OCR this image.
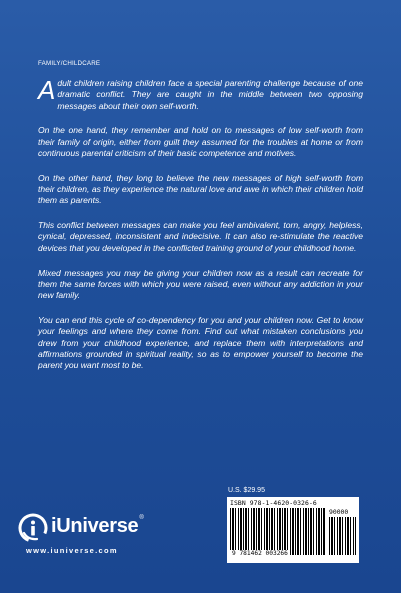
FAMILY/CHILDCARE

Adult children raising children face a special parenting challenge because of one dramatic conflict. They are caught in the middle between two opposing messages about their own self-worth.

On the one hand, they remember and hold on to messages of low self-worth from their family of origin, either from guilt they assumed for the troubles at home or from continuous parental criticism of their basic competence and motives.

On the other hand, they long to believe the new messages of high self-worth from their children, as they experience the natural love and awe in which their children hold them as parents.

This conflict between messages can make you feel ambivalent, torn, angry, helpless, cynical, depressed, inconsistent and indecisive. It can also re-stimulate the reactive devices that you developed in the conflicted training ground of your childhood home.

Mixed messages you may be giving your children now as a result can recreate for them the same forces with which you were raised, even without any addiction in your new family.

You can end this cycle of co-dependency for you and your children now. Get to know your feelings and where they come from. Find out what mistaken conclusions you drew from your childhood experience, and replace them with interpretations and affirmations grounded in spiritual reality, so as to empower yourself to become the parent you want most to be.

U.S. $29.95
ISBN 978-1-4620-0326-6
90000
9 781462 003266
iUniverse®
www.iuniverse.com
